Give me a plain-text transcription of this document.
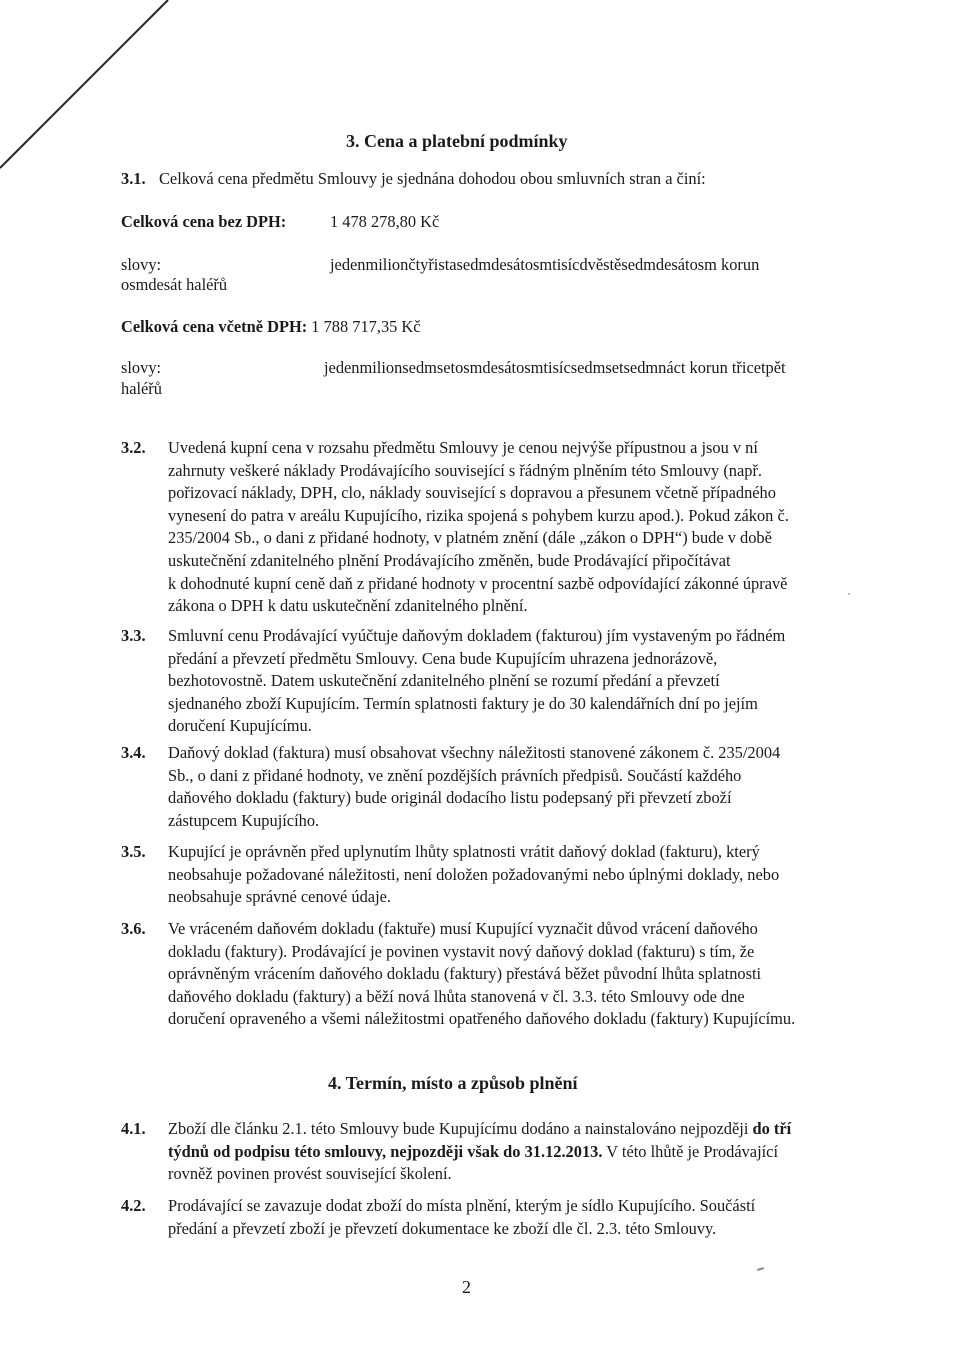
3. Cena a platební podmínky
3.1. Celková cena předmětu Smlouvy je sjednána dohodou obou smluvních stran a činí:
Celková cena bez DPH:	1 478 278,80 Kč
slovy:	jedenmiliončtyřistasedmdesátosmtisícdvěstěsedmdesátosm korun
osmdesát haléřů
Celková cena včetně DPH: 1 788 717,35 Kč
slovy:	jedenmilionsedmsetosmdesátosmtisícsedmsetsedmnáct korun třicetpět
haléřů
3.2. Uvedená kupní cena v rozsahu předmětu Smlouvy je cenou nejvýše přípustnou a jsou v ní
zahrnuty veškeré náklady Prodávajícího související s řádným plněním této Smlouvy (např.
pořizovací náklady, DPH, clo, náklady související s dopravou a přesunem včetně případného
vynesení do patra v areálu Kupujícího, rizika spojená s pohybem kurzu apod.). Pokud zákon č.
235/2004 Sb., o dani z přidané hodnoty, v platném znění (dále „zákon o DPH“) bude v době
uskutečnění zdanitelného plnění Prodávajícího změněn, bude Prodávající připočítávat
k dohodnuté kupní ceně daň z přidané hodnoty v procentní sazbě odpovídající zákonné úpravě
zákona o DPH k datu uskutečnění zdanitelného plnění.
3.3. Smluvní cenu Prodávající vyúčtuje daňovým dokladem (fakturou) jím vystaveným po řádném
předání a převzetí předmětu Smlouvy. Cena bude Kupujícím uhrazena jednorázově,
bezhotovostně. Datem uskutečnění zdanitelného plnění se rozumí předání a převzetí
sjednaného zboží Kupujícím. Termín splatnosti faktury je do 30 kalendářních dní po jejím
doručení Kupujícímu.
3.4. Daňový doklad (faktura) musí obsahovat všechny náležitosti stanovené zákonem č. 235/2004
Sb., o dani z přidané hodnoty, ve znění pozdějších právních předpisů. Součástí každého
daňového dokladu (faktury) bude originál dodacího listu podepsaný při převzetí zboží
zástupcem Kupujícího.
3.5. Kupující je oprávněn před uplynutím lhůty splatnosti vrátit daňový doklad (fakturu), který
neobsahuje požadované náležitosti, není doložen požadovanými nebo úplnými doklady, nebo
neobsahuje správné cenové údaje.
3.6. Ve vráceném daňovém dokladu (faktuře) musí Kupující vyznačit důvod vrácení daňového
dokladu (faktury). Prodávající je povinen vystavit nový daňový doklad (fakturu) s tím, že
oprávněným vrácením daňového dokladu (faktury) přestává běžet původní lhůta splatnosti
daňového dokladu (faktury) a běží nová lhůta stanovená v čl. 3.3. této Smlouvy ode dne
doručení opraveného a všemi náležitostmi opatřeného daňového dokladu (faktury) Kupujícímu.
4. Termín, místo a způsob plnění
4.1. Zboží dle článku 2.1. této Smlouvy bude Kupujícímu dodáno a nainstalováno nejpozději do tří
týdnů od podpisu této smlouvy, nejpozději však do 31.12.2013. V této lhůtě je Prodávající
rovněž povinen provést související školení.
4.2. Prodávající se zavazuje dodat zboží do místa plnění, kterým je sídlo Kupujícího. Součástí
předání a převzetí zboží je převzetí dokumentace ke zboží dle čl. 2.3. této Smlouvy.
2
